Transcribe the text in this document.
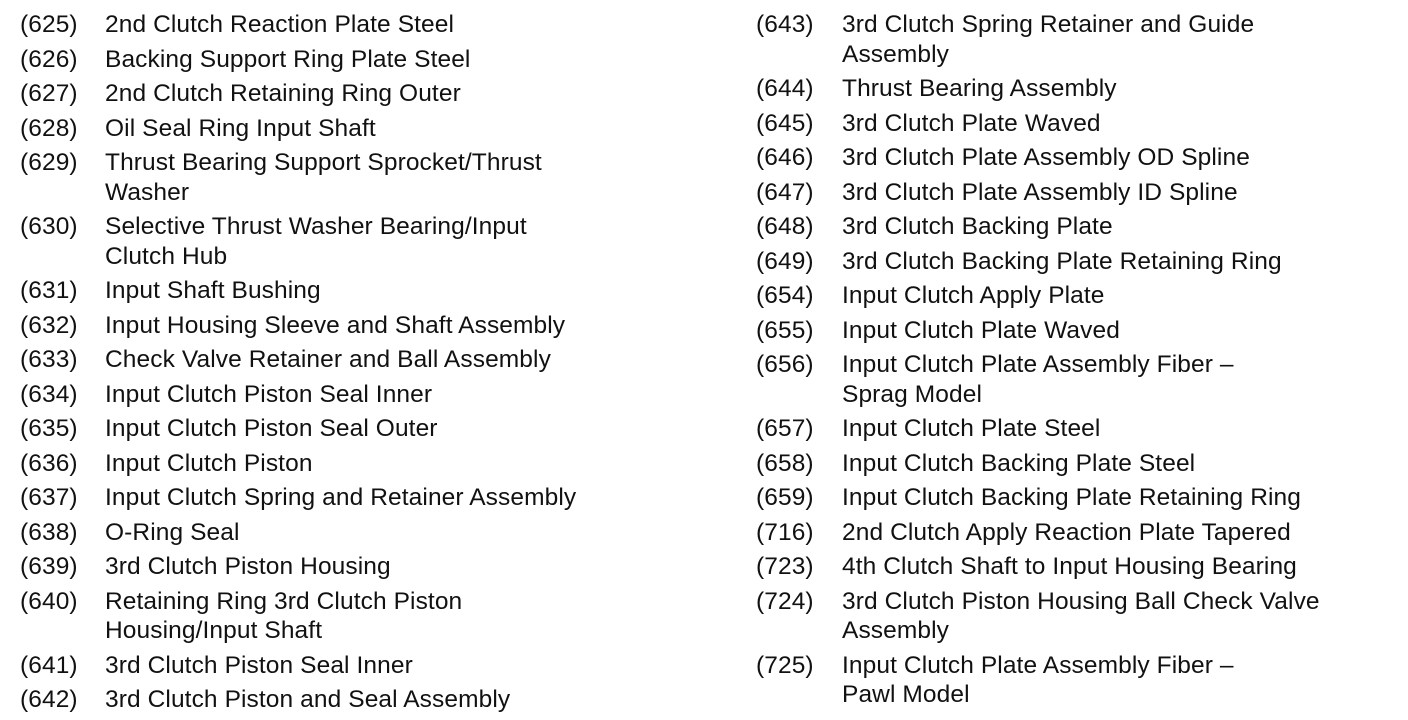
(625)	2nd Clutch Reaction Plate Steel
(626)	Backing Support Ring Plate Steel
(627)	2nd Clutch Retaining Ring Outer
(628)	Oil Seal Ring Input Shaft
(629)	Thrust Bearing Support Sprocket/Thrust
Washer
(630)	Selective Thrust Washer Bearing/Input
Clutch Hub
(631)	Input Shaft Bushing
(632)	Input Housing Sleeve and Shaft Assembly
(633)	Check Valve Retainer and Ball Assembly
(634)	Input Clutch Piston Seal Inner
(635)	Input Clutch Piston Seal Outer
(636)	Input Clutch Piston
(637)	Input Clutch Spring and Retainer Assembly
(638)	O-Ring Seal
(639)	3rd Clutch Piston Housing
(640)	Retaining Ring 3rd Clutch Piston
Housing/Input Shaft
(641)	3rd Clutch Piston Seal Inner
(642)	3rd Clutch Piston and Seal Assembly
(643)	3rd Clutch Spring Retainer and Guide
Assembly
(644)	Thrust Bearing Assembly
(645)	3rd Clutch Plate Waved
(646)	3rd Clutch Plate Assembly OD Spline
(647)	3rd Clutch Plate Assembly ID Spline
(648)	3rd Clutch Backing Plate
(649)	3rd Clutch Backing Plate Retaining Ring
(654)	Input Clutch Apply Plate
(655)	Input Clutch Plate Waved
(656)	Input Clutch Plate Assembly Fiber –
Sprag Model
(657)	Input Clutch Plate Steel
(658)	Input Clutch Backing Plate Steel
(659)	Input Clutch Backing Plate Retaining Ring
(716)	2nd Clutch Apply Reaction Plate Tapered
(723)	4th Clutch Shaft to Input Housing Bearing
(724)	3rd Clutch Piston Housing Ball Check Valve
Assembly
(725)	Input Clutch Plate Assembly Fiber –
Pawl Model
